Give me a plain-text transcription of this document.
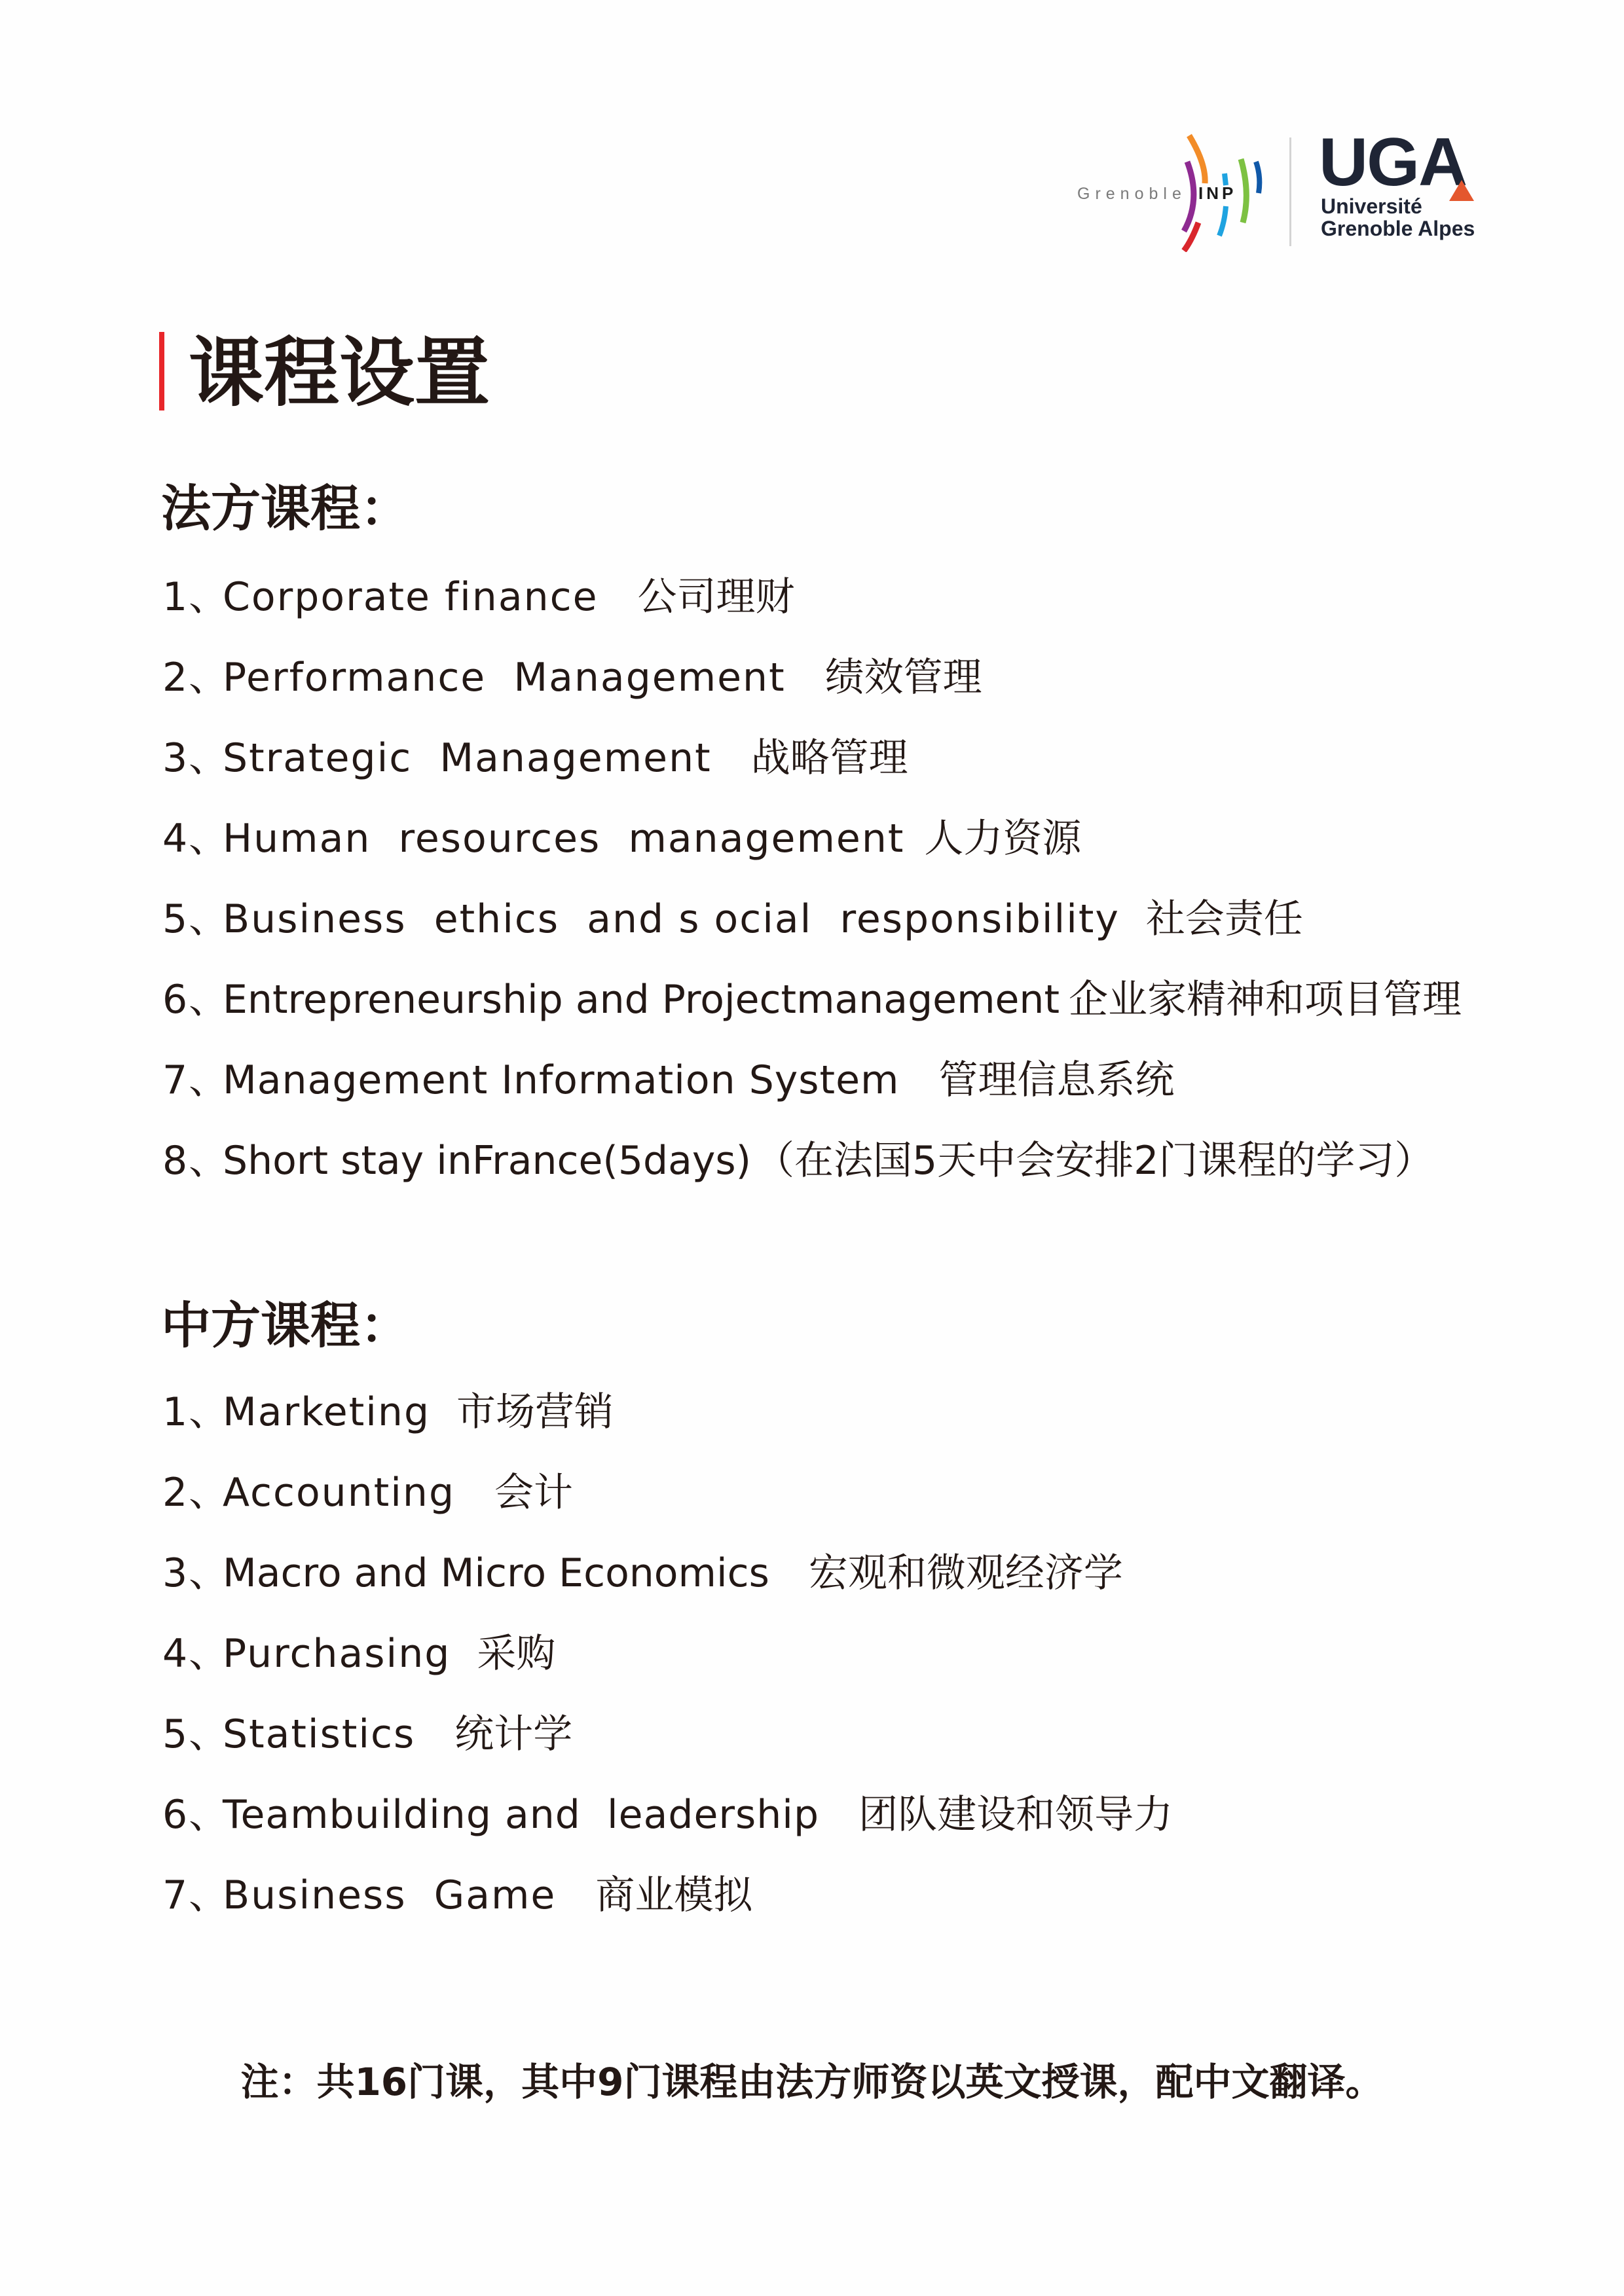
Grenoble INP UGA
Université
Grenoble Alpes
课程设置
法方课程：
1、Corporate finance 公司理财
2、Performance  Management 绩效管理
3、Strategic  Management 战略管理
4、Human  resources  management 人力资源
5、Business  ethics  and s ocial  responsibility 社会责任
6、Entrepreneurship and Projectmanagement 企业家精神和项目管理
7、Management Information System 管理信息系统
8、Short stay inFrance(5days) （在法国5天中会安排2门课程的学习）
中方课程：
1、Marketing 市场营销
2、Accounting 会计
3、Macro and Micro Economics 宏观和微观经济学
4、Purchasing 采购
5、Statistics 统计学
6、Teambuilding and  leadership 团队建设和领导力
7、Business  Game 商业模拟
注：共16门课，其中9门课程由法方师资以英文授课，配中文翻译。
